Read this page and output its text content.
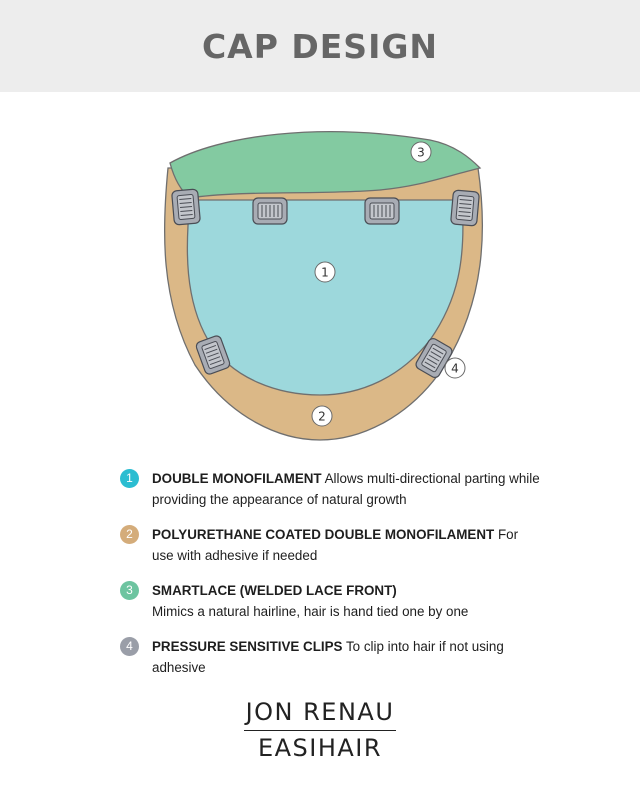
CAP DESIGN
1
2
3
4
1	DOUBLE MONOFILAMENT Allows multi-directional parting while providing the appearance of natural growth

2	POLYURETHANE COATED DOUBLE MONOFILAMENT For use with adhesive if needed

3	SMARTLACE (WELDED LACE FRONT)
Mimics a natural hairline, hair is hand tied one by one

4	PRESSURE SENSITIVE CLIPS To clip into hair if not using adhesive

JON RENAU
EASIHAIR
